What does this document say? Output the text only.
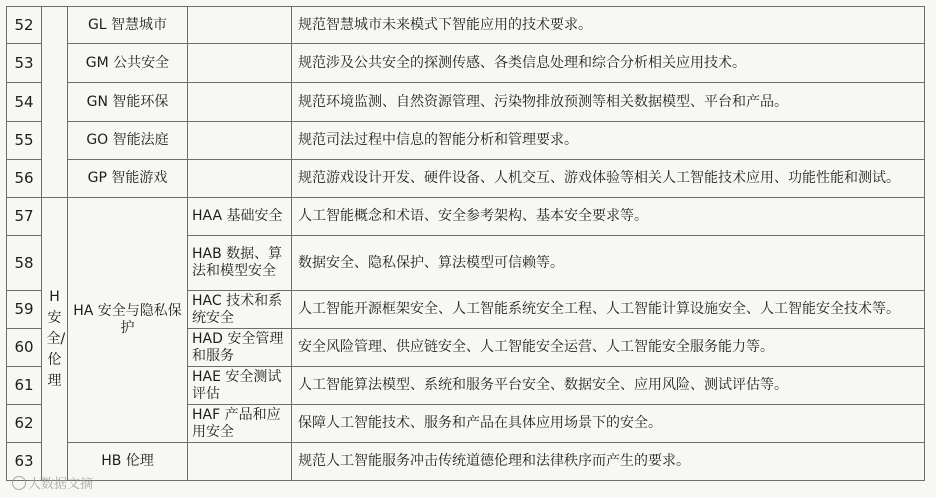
52		GL 智慧城市		规范智慧城市未来模式下智能应用的技术要求。
53		GM 公共安全		规范涉及公共安全的探测传感、各类信息处理和综合分析相关应用技术。
54		GN 智能环保		规范环境监测、自然资源管理、污染物排放预测等相关数据模型、平台和产品。
55		GO 智能法庭		规范司法过程中信息的智能分析和管理要求。
56		GP 智能游戏		规范游戏设计开发、硬件设备、人机交互、游戏体验等相关人工智能技术应用、功能性能和测试。
57	H安全/伦理	HA 安全与隐私保护	HAA 基础安全	人工智能概念和术语、安全参考架构、基本安全要求等。
58			HAB 数据、算法和模型安全	数据安全、隐私保护、算法模型可信赖等。
59			HAC 技术和系统安全	人工智能开源框架安全、人工智能系统安全工程、人工智能计算设施安全、人工智能安全技术等。
60			HAD 安全管理和服务	安全风险管理、供应链安全、人工智能安全运营、人工智能安全服务能力等。
61			HAE 安全测试评估	人工智能算法模型、系统和服务平台安全、数据安全、应用风险、测试评估等。
62			HAF 产品和应用安全	保障人工智能技术、服务和产品在具体应用场景下的安全。
63		HB 伦理		规范人工智能服务冲击传统道德伦理和法律秩序而产生的要求。
大数据文摘
